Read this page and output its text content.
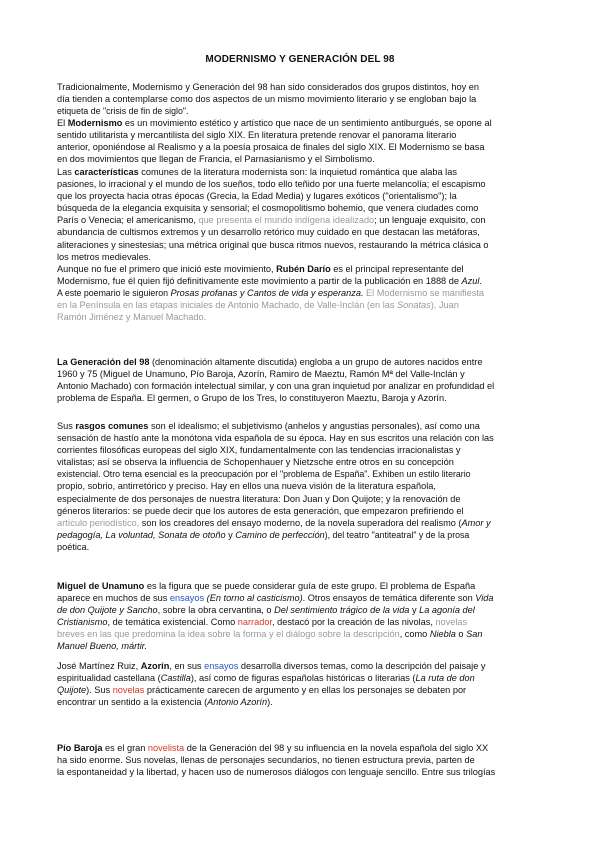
MODERNISMO Y GENERACIÓN DEL 98
Tradicionalmente, Modernismo y Generación del 98 han sido considerados dos grupos distintos, hoy en
día tienden a contemplarse como dos aspectos de un mismo movimiento literario y se engloban bajo la
etiqueta de "crisis de fin de siglo".
El Modernismo es un movimiento estético y artístico que nace de un sentimiento antiburgués, se opone al
sentido utilitarista y mercantilista del siglo XIX. En literatura pretende renovar el panorama literario
anterior, oponiéndose al Realismo y a la poesía prosaica de finales del siglo XIX. El Modernismo se basa
en dos movimientos que llegan de Francia, el Parnasianismo y el Simbolismo.
Las características comunes de la literatura modernista son: la inquietud romántica que alaba las
pasiones, lo irracional y el mundo de los sueños, todo ello teñido por una fuerte melancolía; el escapismo
que los proyecta hacia otras épocas (Grecia, la Edad Media) y lugares exóticos ("orientalismo"); la
búsqueda de la elegancia exquisita y sensorial; el cosmopolitismo bohemio, que venera ciudades como
París o Venecia; el americanismo, que presenta el mundo indígena idealizado; un lenguaje exquisito, con
abundancia de cultismos extremos y un desarrollo retórico muy cuidado en que destacan las metáforas,
aliteraciones y sinestesias; una métrica original que busca ritmos nuevos, restaurando la métrica clásica o
los metros medievales.
Aunque no fue el primero que inició este movimiento, Rubén Darío es el principal representante del
Modernismo, fue él quien fijó definitivamente este movimiento a partir de la publicación en 1888 de Azul.
A este poemario le siguieron Prosas profanas y Cantos de vida y esperanza. El Modernismo se manifiesta
en la Península en las etapas iniciales de Antonio Machado, de Valle-Inclán (en las Sonatas), Juan
Ramón Jiménez y Manuel Machado.
La Generación del 98 (denominación altamente discutida) engloba a un grupo de autores nacidos entre
1960 y 75 (Miguel de Unamuno, Pío Baroja, Azorín, Ramiro de Maeztu, Ramón Mª del Valle-Inclán y
Antonio Machado) con formación intelectual similar, y con una gran inquietud por analizar en profundidad el
problema de España. El germen, o Grupo de los Tres, lo constituyeron Maeztu, Baroja y Azorín.
Sus rasgos comunes son el idealismo; el subjetivismo (anhelos y angustias personales), así como una
sensación de hastío ante la monótona vida española de su época. Hay en sus escritos una relación con las
corrientes filosóficas europeas del siglo XIX, fundamentalmente con las tendencias irracionalistas y
vitalistas; así se observa la influencia de Schopenhauer y Nietzsche entre otros en su concepción
existencial. Otro tema esencial es la preocupación por el "problema de España". Exhiben un estilo literario
propio, sobrio, antirretórico y preciso. Hay en ellos una nueva visión de la literatura española,
especialmente de dos personajes de nuestra literatura: Don Juan y Don Quijote; y la renovación de
géneros literarios: se puede decir que los autores de esta generación, que empezaron prefiriendo el
artículo periodístico, son los creadores del ensayo moderno, de la novela superadora del realismo (Amor y
pedagogía, La voluntad, Sonata de otoño y Camino de perfección), del teatro "antiteatral" y de la prosa
poética.
Miguel de Unamuno es la figura que se puede considerar guía de este grupo. El problema de España
aparece en muchos de sus ensayos (En torno al casticismo). Otros ensayos de temática diferente son Vida
de don Quijote y Sancho, sobre la obra cervantina, o Del sentimiento trágico de la vida y La agonía del
Cristianismo, de temática existencial. Como narrador, destacó por la creación de las nivolas, novelas
breves en las que predomina la idea sobre la forma y el diálogo sobre la descripción, como Niebla o San
Manuel Bueno, mártir.
José Martínez Ruiz, Azorín, en sus ensayos desarrolla diversos temas, como la descripción del paisaje y
espiritualidad castellana (Castilla), así como de figuras españolas históricas o literarias (La ruta de don
Quijote). Sus novelas prácticamente carecen de argumento y en ellas los personajes se debaten por
encontrar un sentido a la existencia (Antonio Azorín).
Pío Baroja es el gran novelista de la Generación del 98 y su influencia en la novela española del siglo XX
ha sido enorme. Sus novelas, llenas de personajes secundarios, no tienen estructura previa, parten de
la espontaneidad y la libertad, y hacen uso de numerosos diálogos con lenguaje sencillo. Entre sus trilogías
